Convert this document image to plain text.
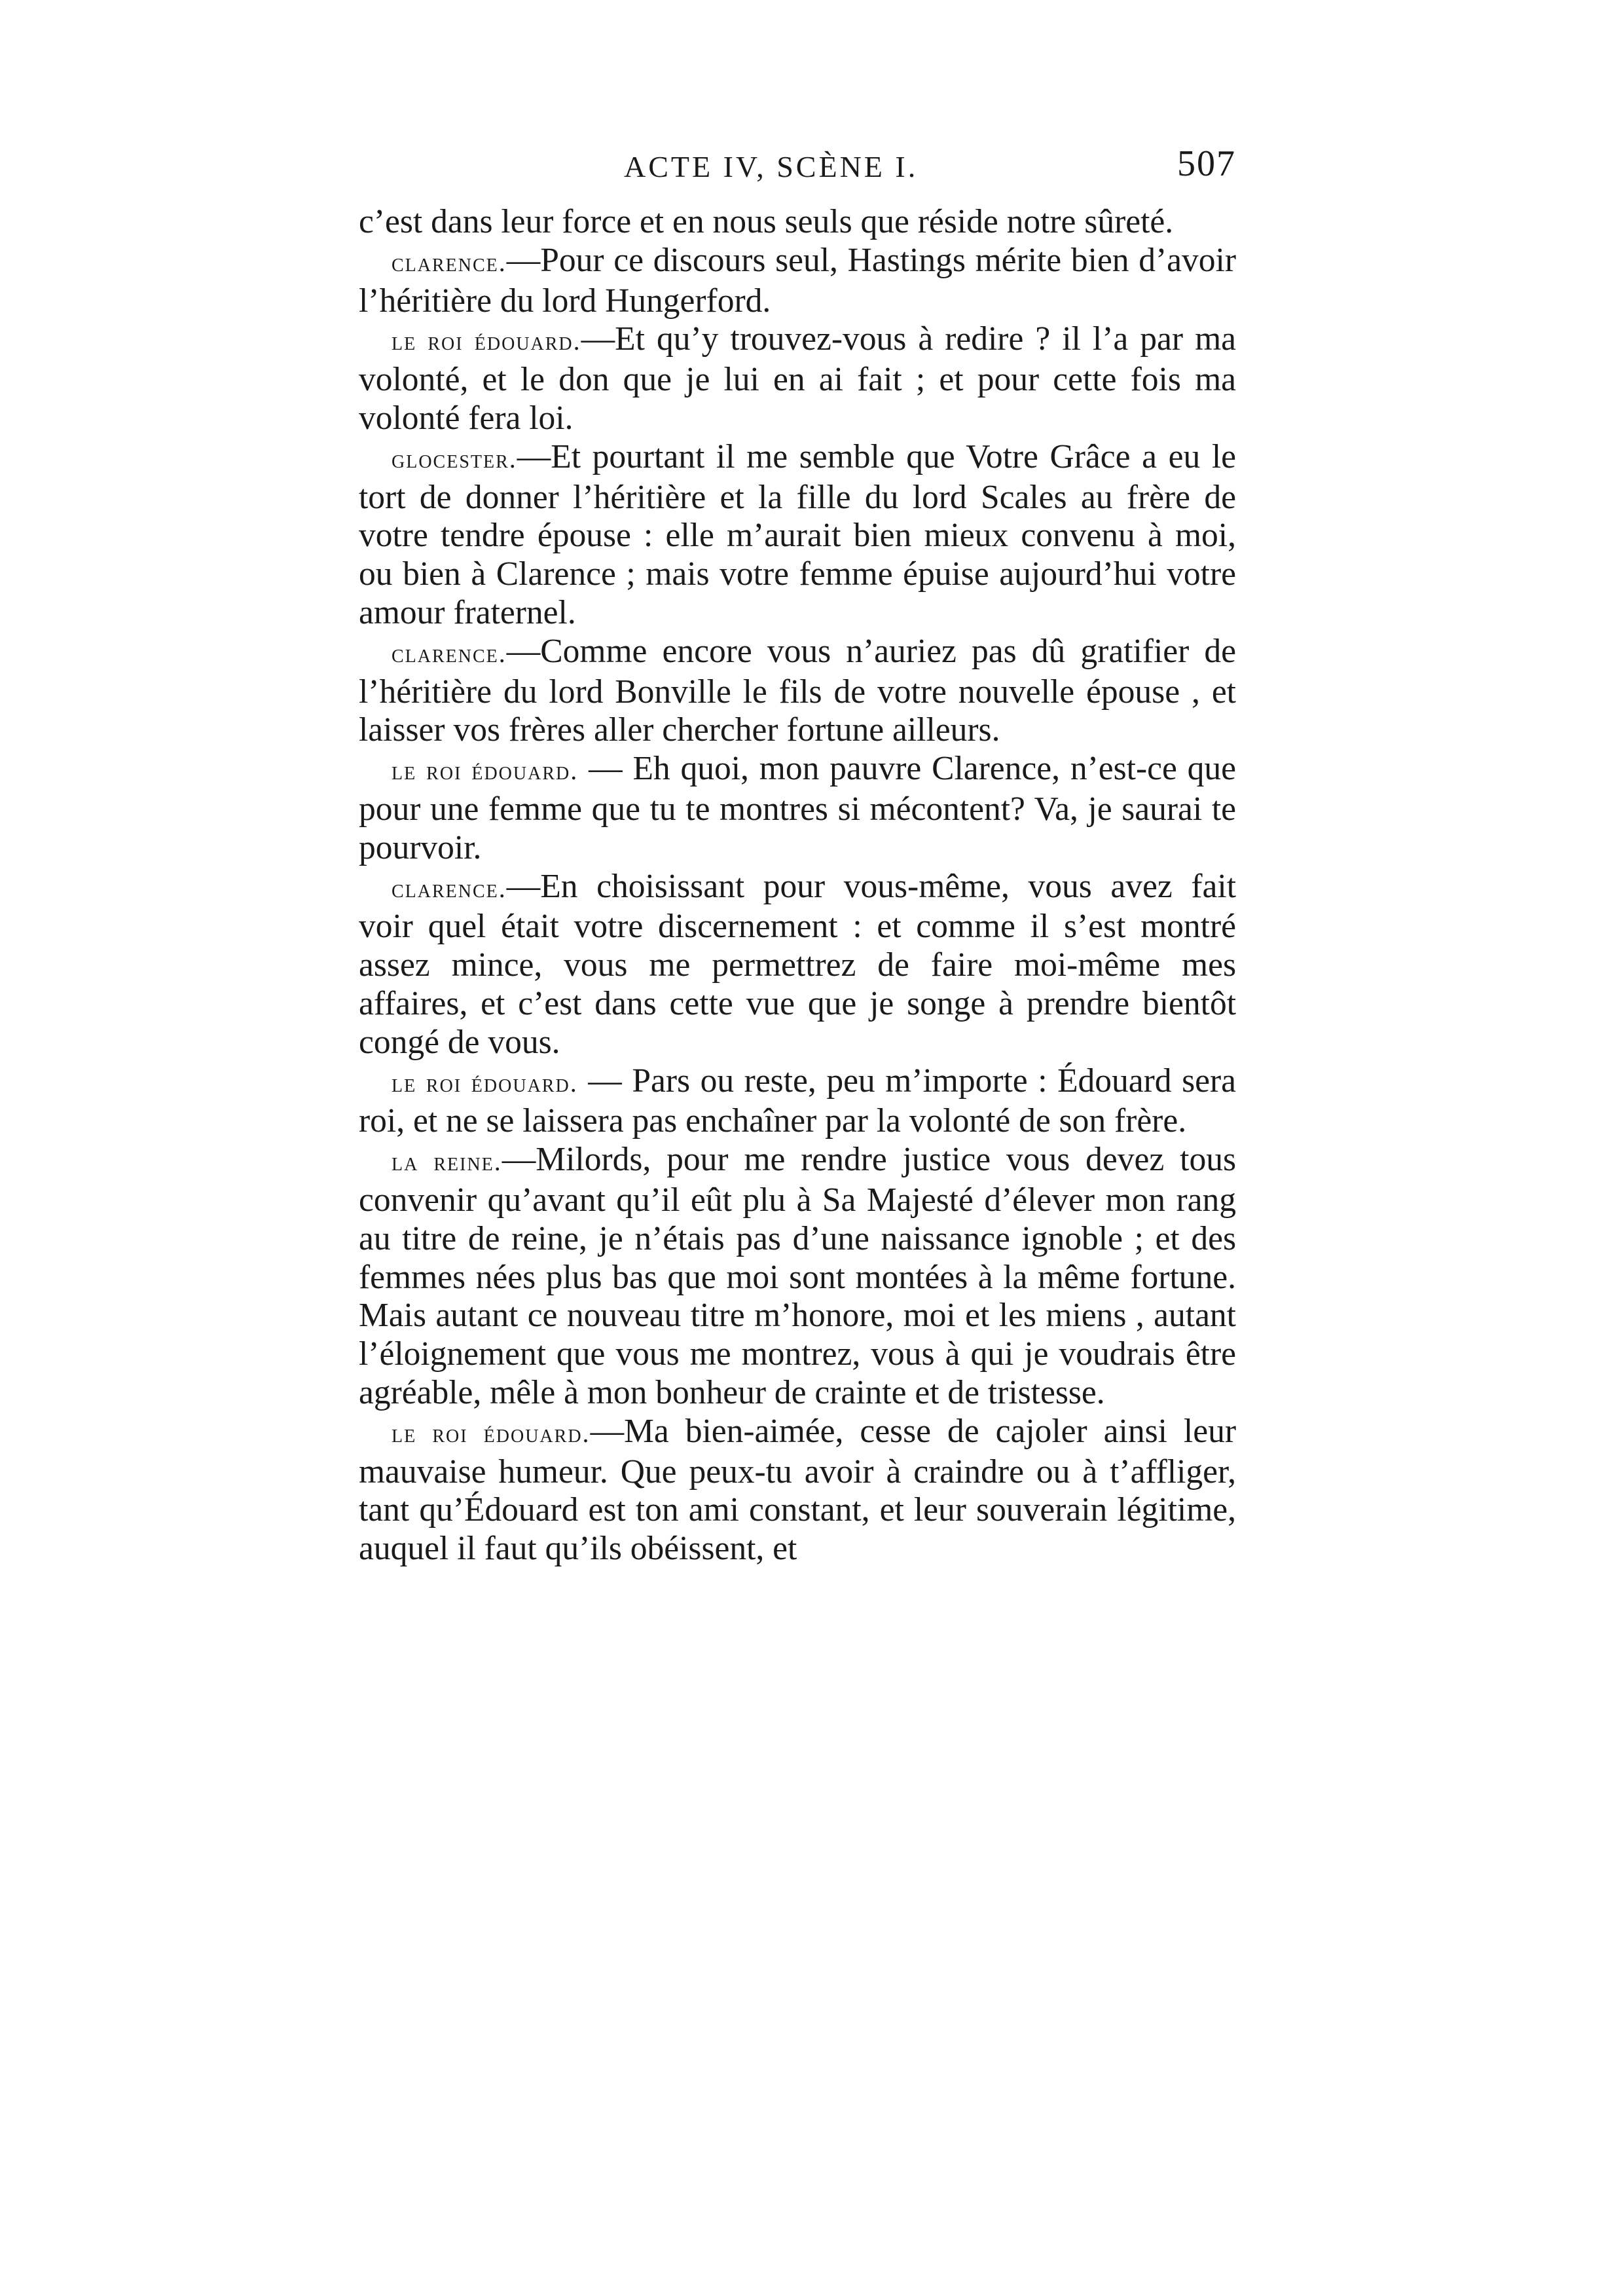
ACTE IV, SCÈNE I.	507

c’est dans leur force et en nous seuls que réside notre sûreté.

clarence.—Pour ce discours seul, Hastings mérite bien d’avoir l’héritière du lord Hungerford.

le roi édouard.—Et qu’y trouvez-vous à redire ? il l’a par ma volonté, et le don que je lui en ai fait ; et pour cette fois ma volonté fera loi.

glocester.—Et pourtant il me semble que Votre Grâce a eu le tort de donner l’héritière et la fille du lord Scales au frère de votre tendre épouse : elle m’aurait bien mieux convenu à moi, ou bien à Clarence ; mais votre femme épuise aujourd’hui votre amour fraternel.

clarence.—Comme encore vous n’auriez pas dû gratifier de l’héritière du lord Bonville le fils de votre nouvelle épouse , et laisser vos frères aller chercher fortune ailleurs.

le roi édouard. — Eh quoi, mon pauvre Clarence, n’est-ce que pour une femme que tu te montres si mécontent? Va, je saurai te pourvoir.

clarence.—En choisissant pour vous-même, vous avez fait voir quel était votre discernement : et comme il s’est montré assez mince, vous me permettrez de faire moi-même mes affaires, et c’est dans cette vue que je songe à prendre bientôt congé de vous.

le roi édouard. — Pars ou reste, peu m’importe : Édouard sera roi, et ne se laissera pas enchaîner par la volonté de son frère.

la reine.—Milords, pour me rendre justice vous devez tous convenir qu’avant qu’il eût plu à Sa Majesté d’élever mon rang au titre de reine, je n’étais pas d’une naissance ignoble ; et des femmes nées plus bas que moi sont montées à la même fortune. Mais autant ce nouveau titre m’honore, moi et les miens , autant l’éloignement que vous me montrez, vous à qui je voudrais être agréable, mêle à mon bonheur de crainte et de tristesse.

le roi édouard.—Ma bien-aimée, cesse de cajoler ainsi leur mauvaise humeur. Que peux-tu avoir à craindre ou à t’affliger, tant qu’Édouard est ton ami constant, et leur souverain légitime, auquel il faut qu’ils obéissent, et
